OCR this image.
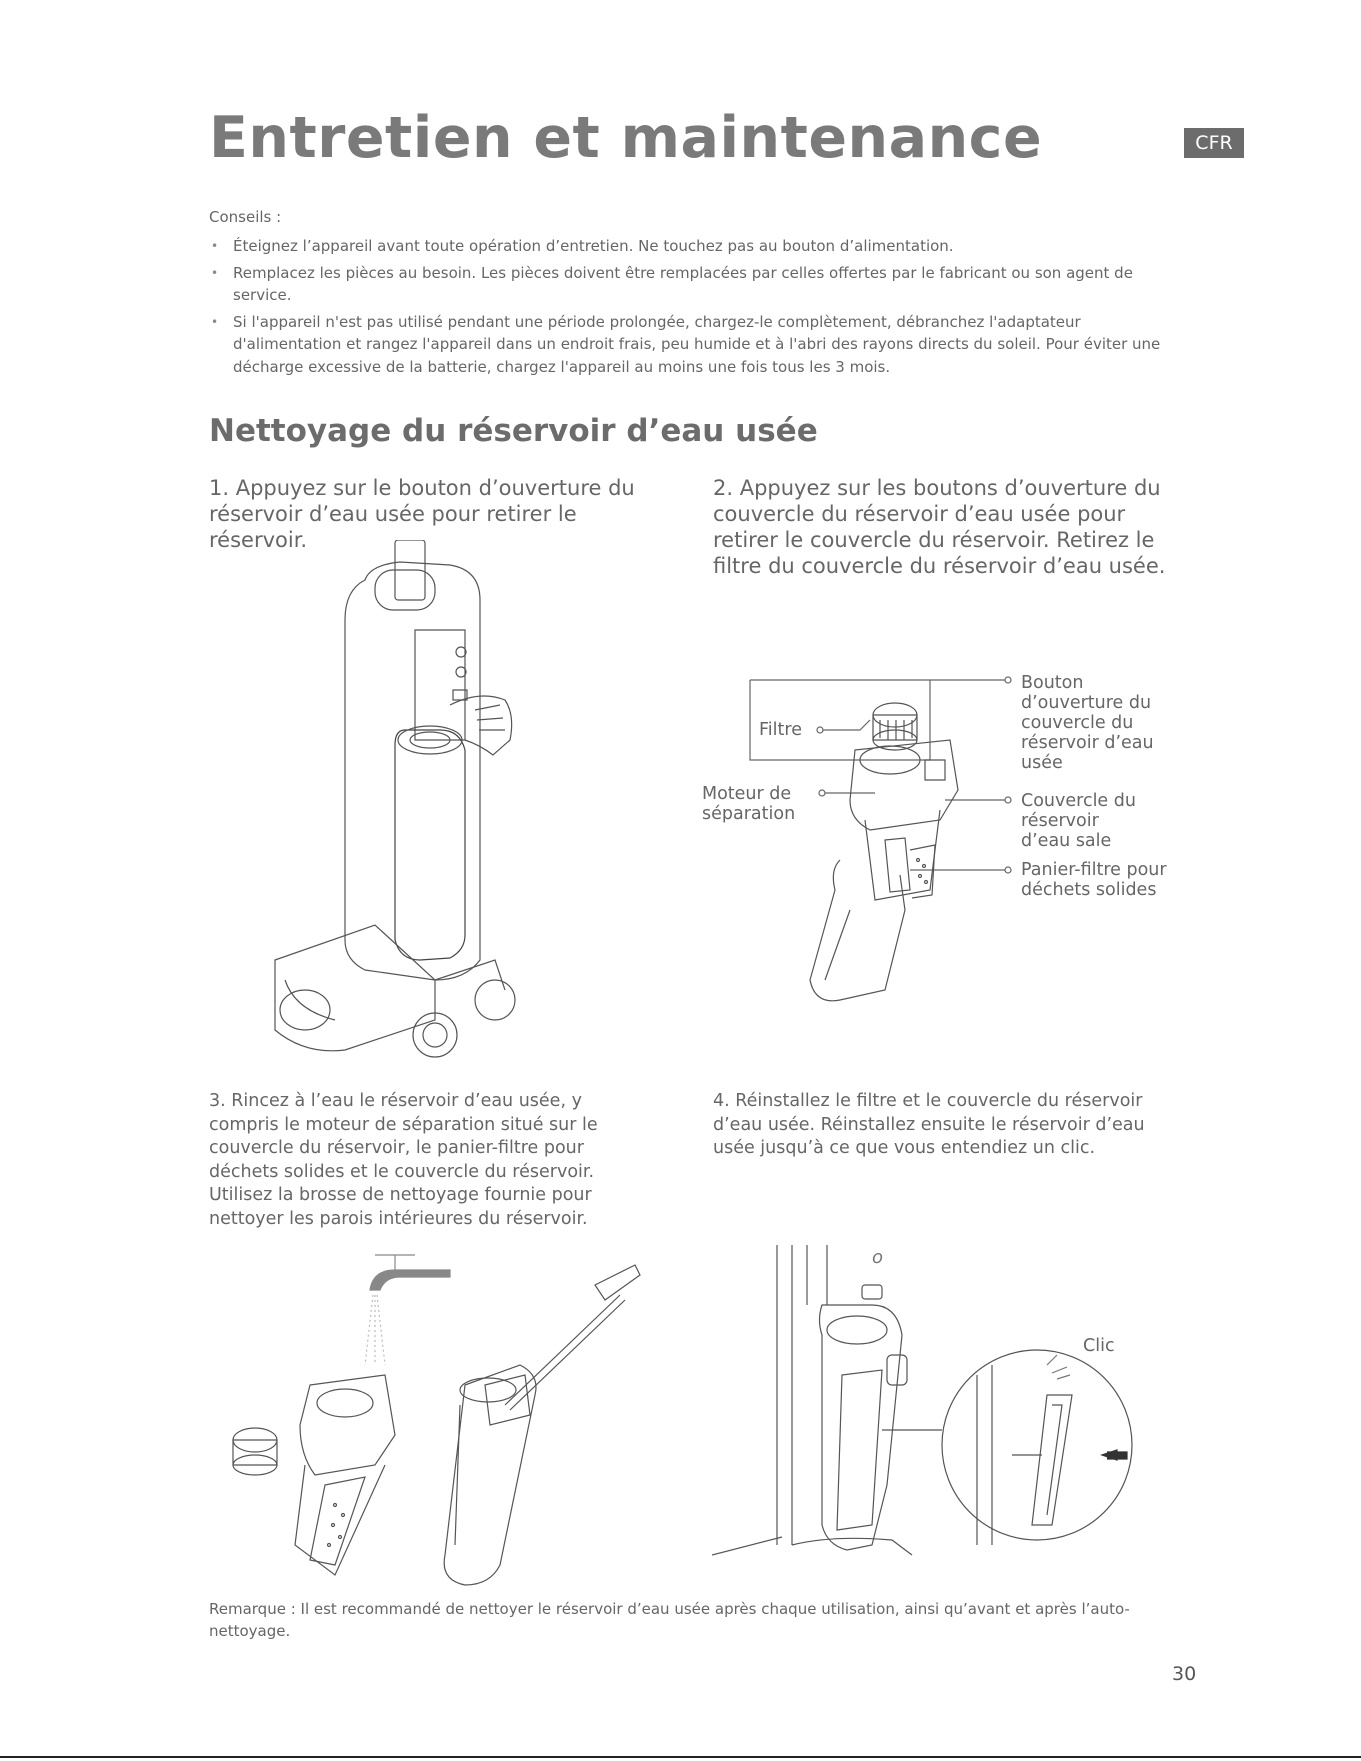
Entretien et maintenance	CFR
Conseils :
• Éteignez l’appareil avant toute opération d’entretien. Ne touchez pas au bouton d’alimentation.
• Remplacez les pièces au besoin. Les pièces doivent être remplacées par celles offertes par le fabricant ou son agent de service.
• Si l'appareil n'est pas utilisé pendant une période prolongée, chargez-le complètement, débranchez l'adaptateur d'alimentation et rangez l'appareil dans un endroit frais, peu humide et à l'abri des rayons directs du soleil. Pour éviter une décharge excessive de la batterie, chargez l'appareil au moins une fois tous les 3 mois.
Nettoyage du réservoir d’eau usée
1. Appuyez sur le bouton d’ouverture du réservoir d’eau usée pour retirer le réservoir.
2. Appuyez sur les boutons d’ouverture du couvercle du réservoir d’eau usée pour retirer le couvercle du réservoir. Retirez le filtre du couvercle du réservoir d’eau usée.
3. Rincez à l’eau le réservoir d’eau usée, y compris le moteur de séparation situé sur le couvercle du réservoir, le panier-filtre pour déchets solides et le couvercle du réservoir. Utilisez la brosse de nettoyage fournie pour nettoyer les parois intérieures du réservoir.
4. Réinstallez le filtre et le couvercle du réservoir d’eau usée. Réinstallez ensuite le réservoir d’eau usée jusqu’à ce que vous entendiez un clic.
Filtre
Moteur de séparation
Bouton d’ouverture du couvercle du réservoir d’eau usée
Couvercle du réservoir d’eau sale
Panier-filtre pour déchets solides
o
Clic
Remarque : Il est recommandé de nettoyer le réservoir d’eau usée après chaque utilisation, ainsi qu’avant et après l’auto-nettoyage.
30
